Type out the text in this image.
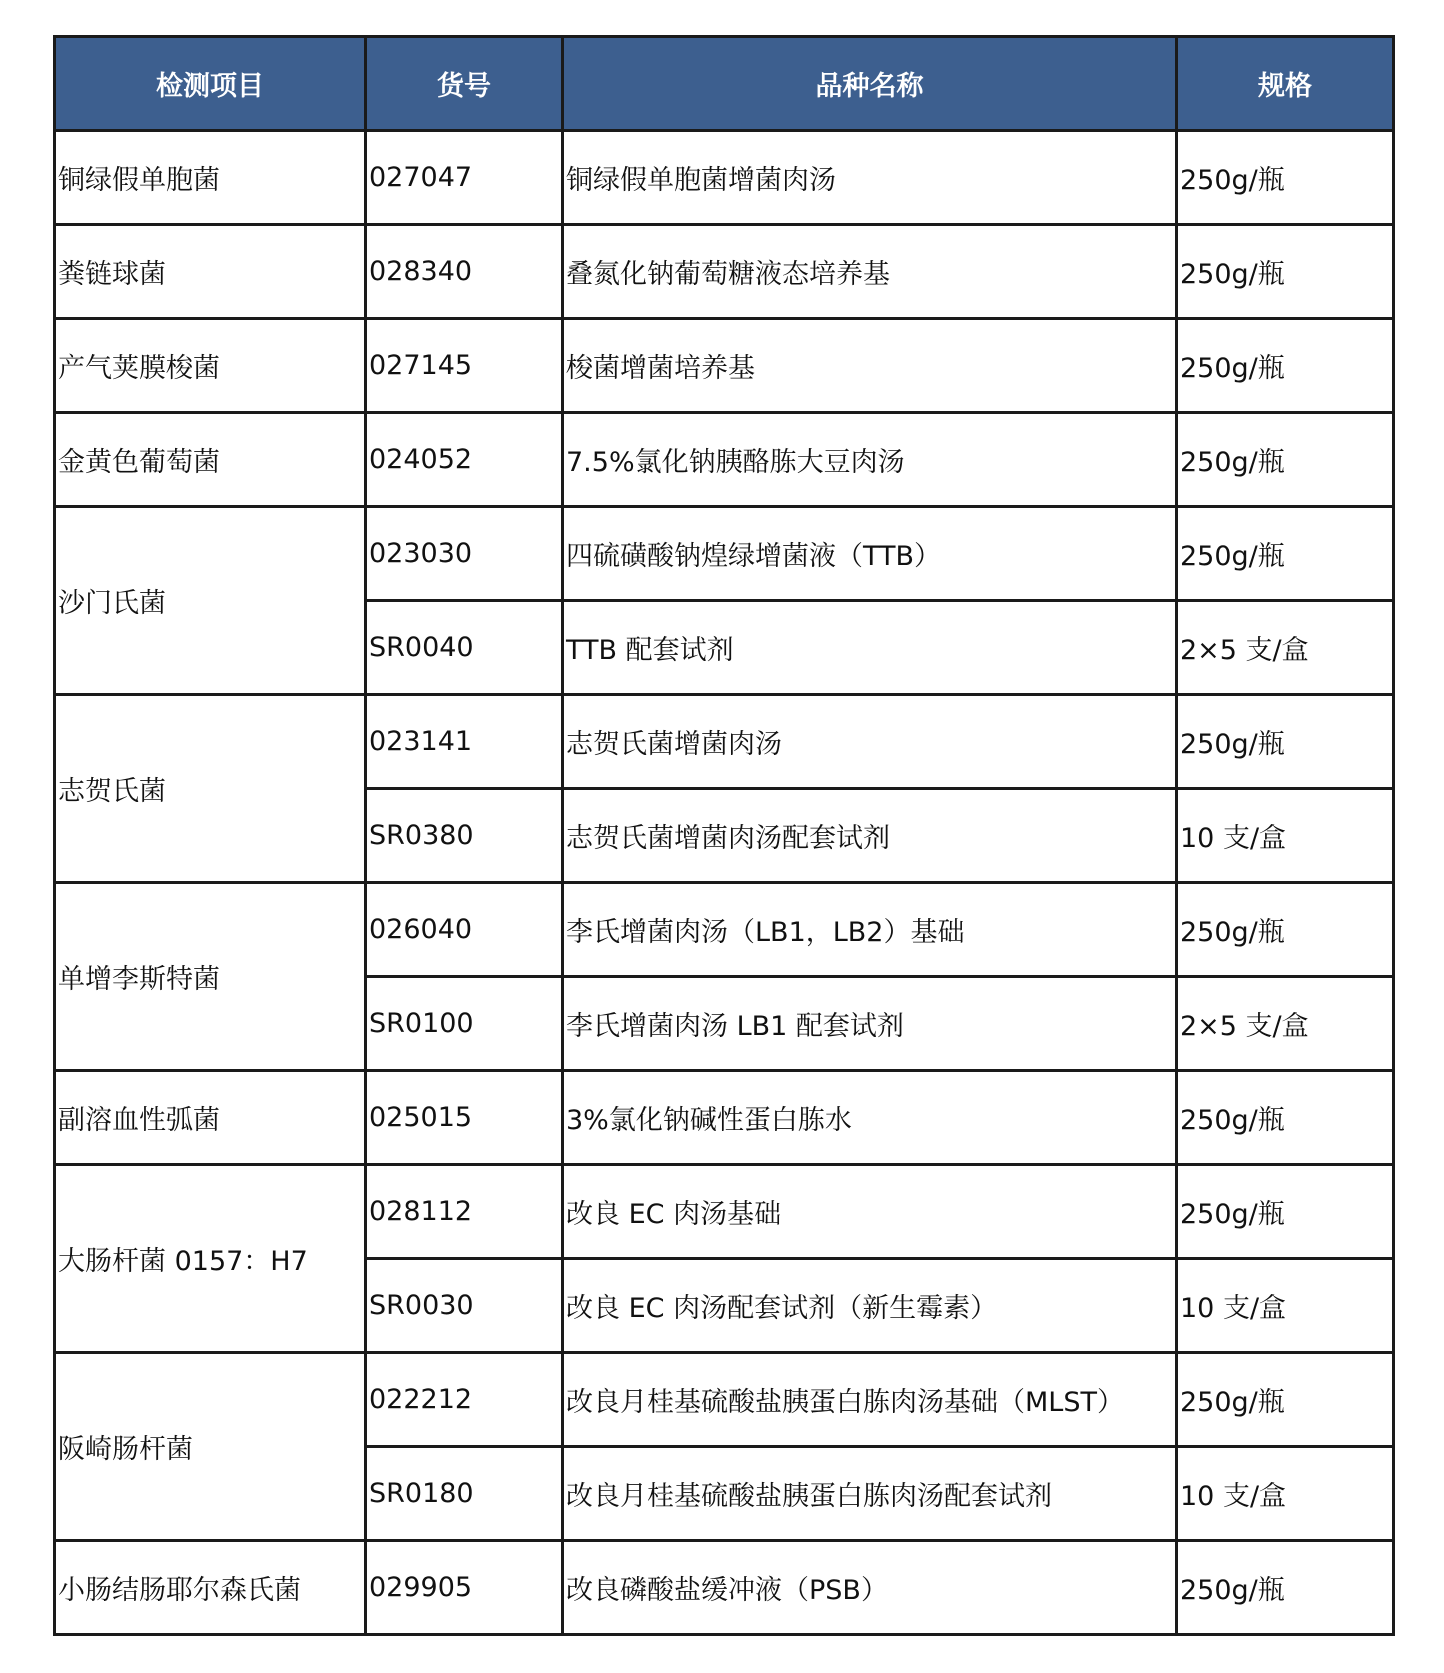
检测项目	货号	品种名称	规格
铜绿假单胞菌	027047	铜绿假单胞菌增菌肉汤	250g/瓶
粪链球菌	028340	叠氮化钠葡萄糖液态培养基	250g/瓶
产气荚膜梭菌	027145	梭菌增菌培养基	250g/瓶
金黄色葡萄菌	024052	7.5%氯化钠胰酪胨大豆肉汤	250g/瓶
沙门氏菌	023030	四硫磺酸钠煌绿增菌液（TTB）	250g/瓶
	SR0040	TTB 配套试剂	2×5 支/盒
志贺氏菌	023141	志贺氏菌增菌肉汤	250g/瓶
	SR0380	志贺氏菌增菌肉汤配套试剂	10 支/盒
单增李斯特菌	026040	李氏增菌肉汤（LB1，LB2）基础	250g/瓶
	SR0100	李氏增菌肉汤 LB1 配套试剂	2×5 支/盒
副溶血性弧菌	025015	3%氯化钠碱性蛋白胨水	250g/瓶
大肠杆菌 0157：H7	028112	改良 EC 肉汤基础	250g/瓶
	SR0030	改良 EC 肉汤配套试剂（新生霉素）	10 支/盒
阪崎肠杆菌	022212	改良月桂基硫酸盐胰蛋白胨肉汤基础（MLST）	250g/瓶
	SR0180	改良月桂基硫酸盐胰蛋白胨肉汤配套试剂	10 支/盒
小肠结肠耶尔森氏菌	029905	改良磷酸盐缓冲液（PSB）	250g/瓶
